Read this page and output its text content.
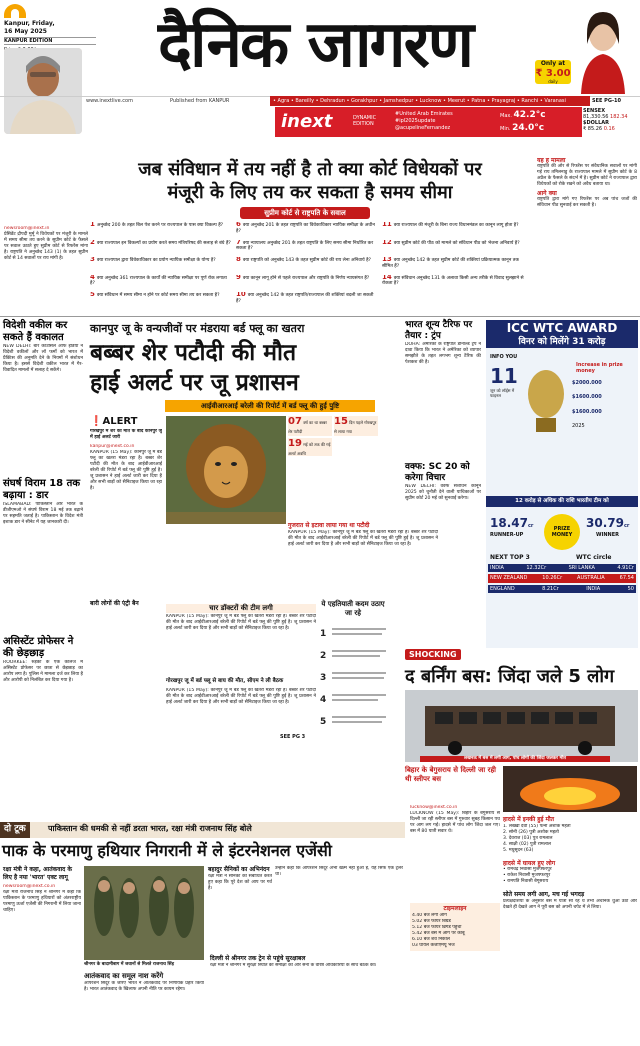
Kanpur, Friday,
16 May 2025
KANPUR EDITION	दैनिक जागरण	Only at
₹ 3.00
daily
www.inextlive.com	Published from KANPUR	• Agra • Bareilly • Dehradun • Gorakhpur • Jamshedpur • Lucknow • Meerut • Patna • Prayagraj • Ranchi • Varanasi	SEE PG-10
inext	DYNAMIC
EDITION
#United Arab Emirates
#ipl2025update
@acupelineFernandez
Max. 42.2°c
Min. 24.0°c
SENSEX
81,330.56 182.34
$DOLLAR
₹ 85.26 0.16
जब संविधान में तय नहीं है तो क्या कोर्ट विधेयकों पर
मंजूरी के लिए तय कर सकता है समय सीमा
सुप्रीम कोर्ट से राष्ट्रपति के सवाल
newsroom@inext.in
प्रेसिडेंट द्रौपदी मुर्मू ने विधेयकों पर मंजूरी के मामले में समय सीमा तय करने के सुप्रीम कोर्ट के फैसले पर सवाल उठाते हुए सुप्रीम कोर्ट से रिफरेंस मांगा है। राष्ट्रपति ने अनुच्छेद 143 (1) के तहत सुप्रीम कोर्ट से 14 सवालों पर राय मांगी है।
1 अनुच्छेद 200 के तहत बिल पेश करने पर राज्यपाल के पास क्या विकल्प हैं?
2 क्या राज्यपाल इन विकल्पों का प्रयोग करते समय मंत्रिपरिषद की सलाह से बंधे हैं?
3 क्या राज्यपाल द्वारा विवेकाधिकार का प्रयोग न्यायिक समीक्षा के योग्य है?
4 क्या अनुच्छेद 361 राज्यपाल के कार्यों की न्यायिक समीक्षा पर पूर्ण रोक लगाता है?
5 क्या संविधान में समय सीमा न होने पर कोर्ट समय सीमा तय कर सकता है?
6 क्या अनुच्छेद 201 के तहत राष्ट्रपति का विवेकाधिकार न्यायिक समीक्षा के अधीन है?
7 क्या न्यायालय अनुच्छेद 201 के तहत राष्ट्रपति के लिए समय सीमा निर्धारित कर सकता है?
8 क्या राष्ट्रपति को अनुच्छेद 143 के तहत सुप्रीम कोर्ट की राय लेना अनिवार्य है?
9 क्या कानून लागू होने से पहले राज्यपाल और राष्ट्रपति के निर्णय न्यायसंगत हैं?
10 क्या अनुच्छेद 142 के तहत राष्ट्रपति/राज्यपाल की शक्तियां बदली जा सकती हैं?
11 क्या राज्यपाल की मंजूरी के बिना राज्य विधानमंडल का कानून लागू होता है?
12 क्या सुप्रीम कोर्ट की पीठ को मामले को संविधान पीठ को भेजना अनिवार्य है?
13 क्या अनुच्छेद 142 के तहत सुप्रीम कोर्ट की शक्तियां प्रक्रियात्मक कानून तक सीमित हैं?
14 क्या संविधान अनुच्छेद 131 के अलावा किसी अन्य तरीके से विवाद सुलझाने से रोकता है?
यह है मामला
राष्ट्रपति की ओर से रिफरेंस पर संवैधानिक सवालों पर मांगी गई राय तमिलनाडु के राज्यपाल मामले में सुप्रीम कोर्ट के 8 अप्रैल के फैसले के संदर्भ में है। सुप्रीम कोर्ट ने राज्यपाल द्वारा विधेयकों को रोके रखने को अवैध बताया था।
आगे क्या
राष्ट्रपति द्वारा मांगे गए रिफरेंस पर अब पांच जजों की संविधान पीठ सुनवाई कर सकती है।
विदेशी वकील कर सकते हैं वकालत
NEW DELHI: बार काउंसिल ऑफ इंडिया ने विदेशी वकीलों और लॉ फर्मों को भारत में प्रैक्टिस की अनुमति देने के नियमों में संशोधन किया है। इससे विदेशी वकील भारत में गैर-विवादित मामलों में सलाह दे सकेंगे।
संघर्ष विराम 18 तक बढ़ाया : डार
ISLAMABAD: पाकिस्तान और भारत के डीजीएमओ ने संघर्ष विराम 18 मई तक बढ़ाने पर सहमति जताई है। पाकिस्तान के विदेश मंत्री इशाक डार ने सीनेट में यह जानकारी दी।
असिस्टेंट प्रोफेसर ने की छेड़छाड़
ROORKEE: रुड़की के एक कॉलेज में असिस्टेंट प्रोफेसर पर छात्रा से छेड़छाड़ का आरोप लगा है। पुलिस ने मामला दर्ज कर लिया है और आरोपी को निलंबित कर दिया गया है।
कानपुर जू के वन्यजीवों पर मंडराया बर्ड फ्लू का खतरा
बब्बर शेर पटौदी की मौत
हाई अलर्ट पर जू प्रशासन
आईवीआरआई बरेली की रिपोर्ट में बर्ड फ्लू की हुई पुष्टि
❗ALERT
गोरखपुर में शेर की मौत के बाद कानपुर जू में हाई अलर्ट जारी
kanpur@inext.co.in
KANPUR (15 May): कानपुर जू में बर्ड फ्लू का खतरा मंडरा रहा है। बब्बर शेर पटौदी की मौत के बाद आईवीआरआई बरेली की रिपोर्ट में बर्ड फ्लू की पुष्टि हुई है। जू प्रशासन ने हाई अलर्ट जारी कर दिया है और सभी बाड़ों को सैनिटाइज किया जा रहा है।
बारी लोगों की एंट्री बैन
07 वर्ष का था बब्बर शेर पटौदी
15 दिन पहले गोरखपुर से लाया गया
19 मई को तक की गई अलर्ट अवधि
गुजरात से इटावा लाया गया था पटौदी
KANPUR (15 May): कानपुर जू में बर्ड फ्लू का खतरा मंडरा रहा है। बब्बर शेर पटौदी की मौत के बाद आईवीआरआई बरेली की रिपोर्ट में बर्ड फ्लू की पुष्टि हुई है। जू प्रशासन ने हाई अलर्ट जारी कर दिया है और सभी बाड़ों को सैनिटाइज किया जा रहा है।
चार डॉक्टरों की टीम लगी
KANPUR (15 May): कानपुर जू में बर्ड फ्लू का खतरा मंडरा रहा है। बब्बर शेर पटौदी की मौत के बाद आईवीआरआई बरेली की रिपोर्ट में बर्ड फ्लू की पुष्टि हुई है। जू प्रशासन ने हाई अलर्ट जारी कर दिया है और सभी बाड़ों को सैनिटाइज किया जा रहा है।
ये एहतियाती कदम उठाए जा रहे
1
2
3
4
5
गोरखपुर जू में बर्ड फ्लू से बाघ की मौत, सीएम ने ली बैठक
KANPUR (15 May): कानपुर जू में बर्ड फ्लू का खतरा मंडरा रहा है। बब्बर शेर पटौदी की मौत के बाद आईवीआरआई बरेली की रिपोर्ट में बर्ड फ्लू की पुष्टि हुई है। जू प्रशासन ने हाई अलर्ट जारी कर दिया है और सभी बाड़ों को सैनिटाइज किया जा रहा है।
SEE PG 3
भारत शून्य टैरिफ पर तैयार : ट्रंप
DOHA: अमेरिका के राष्ट्रपति डोनाल्ड ट्रंप ने दावा किया कि भारत ने अमेरिका को व्यापार समझौते के तहत लगभग शून्य टैरिफ की पेशकश की है।
वक्फ: SC 20 को करेगा विचार
NEW DELHI: वक्फ संशोधन कानून 2025 को चुनौती देने वाली याचिकाओं पर सुप्रीम कोर्ट 20 मई को सुनवाई करेगा।
ICC WTC AWARD
विनर को मिलेंगे 31 करोड़
INFO YOU
11
जून को लॉर्ड्स में फाइनल
Increase in prize money
$2000.000
$1600.000
$1600.000
2025
12 करोड़ से अधिक की राशि भारतीय टीम को
18.47cr
RUNNER-UP
PRIZE MONEY
30.79cr
WINNER
NEXT TOP 3	WTC circle
INDIA	12.32Cr	SRI LANKA	4.91Cr
NEW ZEALAND	10.26Cr	AUSTRALIA	67.54
ENGLAND	8.21Cr	INDIA	50
SHOCKING
द बर्निंग बस: जिंदा जले 5 लोग
लखनऊ में बस में लगी आग, पांच लोगों की जिंदा जलकर मौत
बिहार के बेगुसराय से दिल्ली जा रही थी स्लीपर बस
lucknow@inext.co.in
LUCKNOW (15 May): बिहार के बेगुसराय से दिल्ली जा रही स्लीपर बस में गुरुवार सुबह किसान पथ पर आग लग गई। हादसे में पांच लोग जिंदा जल गए। बस में 80 यात्री सवार थे।
टाइमलाइन
4.40 बजे लगी आग
5.02 बजे फायर बिग्रेड
5.12 बजे फायर ब्रिगेड पहुंची
5.42 बजे बस में आग पर काबू
6.10 बजे शव निकाले
03 घायल केजीएमयू भेजे
हादसे में इनकी हुई मौत
1. लख्खी देवी (55) पत्नी अशोक महतो
2. सोनी (26) पुत्री अशोक महतो
3. देवराज (03) पुत्र रामलाल
4. साक्षी (02) पुत्री रामलाल
5. मधुसूदन (63)
हादसे में घायल हुए लोग
• रामचंद्र निवासी मुजफ्फरपुर
• राकेश निवासी मुजफ्फरपुर
• रामपति निवासी बेगूसराय
सोते समय लगी आग, मच गई भगदड़
प्रत्यक्षदर्शियों के अनुसार बस में यात्री सो रहे थे तभी अचानक धुआं उठा और देखते ही देखते आग ने पूरी बस को अपनी चपेट में ले लिया।
दो टूक	पाकिस्तान की धमकी से नहीं डरता भारत, रक्षा मंत्री राजनाथ सिंह बोले
पाक के परमाणु हथियार निगरानी में ले इंटरनेशनल एजेंसी
रक्षा मंत्री ने कहा, आतंकवाद के लिए है नया 'भारत' एक्ट लागू
newsroom@inext.co.in
रक्षा मंत्री राजनाथ सिंह ने श्रीनगर में कहा कि पाकिस्तान के परमाणु हथियारों को अंतरराष्ट्रीय परमाणु ऊर्जा एजेंसी की निगरानी में लिया जाना चाहिए।
श्रीनगर के बादामीबाग में जवानों से मिलते राजनाथ सिंह
आतंकवाद का समूल नाश करेंगे
ऑपरेशन सिंदूर के जरिए भारत ने आतंकवाद पर निर्णायक प्रहार किया है। भारत आतंकवाद के खिलाफ अपनी नीति पर कायम रहेगा।
बहादुर सैनिकों का अभिनंदन
रक्षा मंत्री ने सैनिकों को संबोधित करते हुए कहा कि पूरे देश को आप पर गर्व है।
उन्होंने कहा कि ऑपरेशन सिंदूर अभी खत्म नहीं हुआ है, यह सिर्फ एक ट्रेलर था।
दिल्ली से श्रीनगर तक ट्रेन से पहुंचे सुरक्षाबल
रक्षा मंत्री ने श्रीनगर में सुरक्षा स्थिति की समीक्षा की और सेना के वरिष्ठ अधिकारियों के साथ बैठक की।
